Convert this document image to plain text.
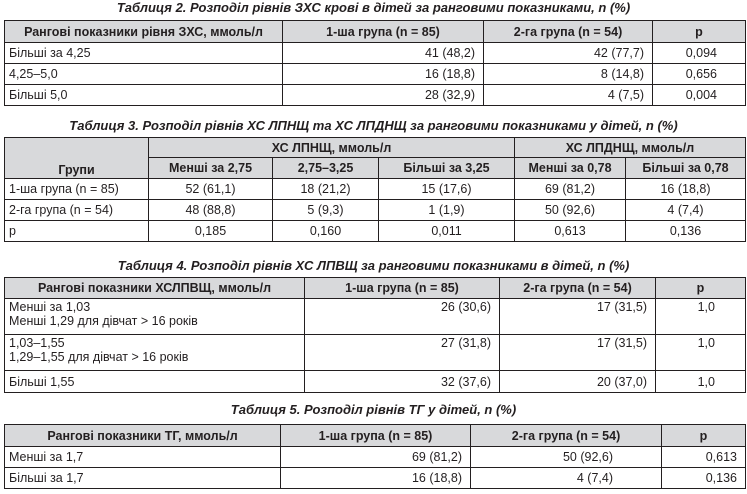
Таблиця 2. Розподіл рівнів ЗХС крові в дітей за ранговими показниками, n (%)
Рангові показники рівня ЗХС, ммоль/л	1-ша група (n = 85)	2-га група (n = 54)	p
Більші за 4,25	41 (48,2)	42 (77,7)	0,094
4,25–5,0	16 (18,8)	8 (14,8)	0,656
Більші 5,0	28 (32,9)	4 (7,5)	0,004
Таблиця 3. Розподіл рівнів ХС ЛПНЩ та ХС ЛПДНЩ за ранговими показниками у дітей, n (%)
Групи	ХС ЛПНЩ, ммоль/л			ХС ЛПДНЩ, ммоль/л	
	Менші за 2,75	2,75–3,25	Більші за 3,25	Менші за 0,78	Більші за 0,78
1-ша група (n = 85)	52 (61,1)	18 (21,2)	15 (17,6)	69 (81,2)	16 (18,8)
2-га група (n = 54)	48 (88,8)	5 (9,3)	1 (1,9)	50 (92,6)	4 (7,4)
p	0,185	0,160	0,011	0,613	0,136
Таблиця 4. Розподіл рівнів ХС ЛПВЩ за ранговими показниками в дітей, n (%)
Рангові показники ХСЛПВЩ, ммоль/л	1-ша група (n = 85)	2-га група (n = 54)	p

Менші за 1,03
Менші 1,29 для дівчат > 16 років	26 (30,6)	17 (31,5)	1,0

1,03–1,55
1,29–1,55 для дівчат > 16 років	27 (31,8)	17 (31,5)	1,0
Більші 1,55	32 (37,6)	20 (37,0)	1,0
Таблиця 5. Розподіл рівнів ТГ у дітей, n (%)
Рангові показники ТГ, ммоль/л	1-ша група (n = 85)	2-га група (n = 54)	p
Менші за 1,7	69 (81,2)	50 (92,6)	0,613
Більші за 1,7	16 (18,8)	4 (7,4)	0,136
